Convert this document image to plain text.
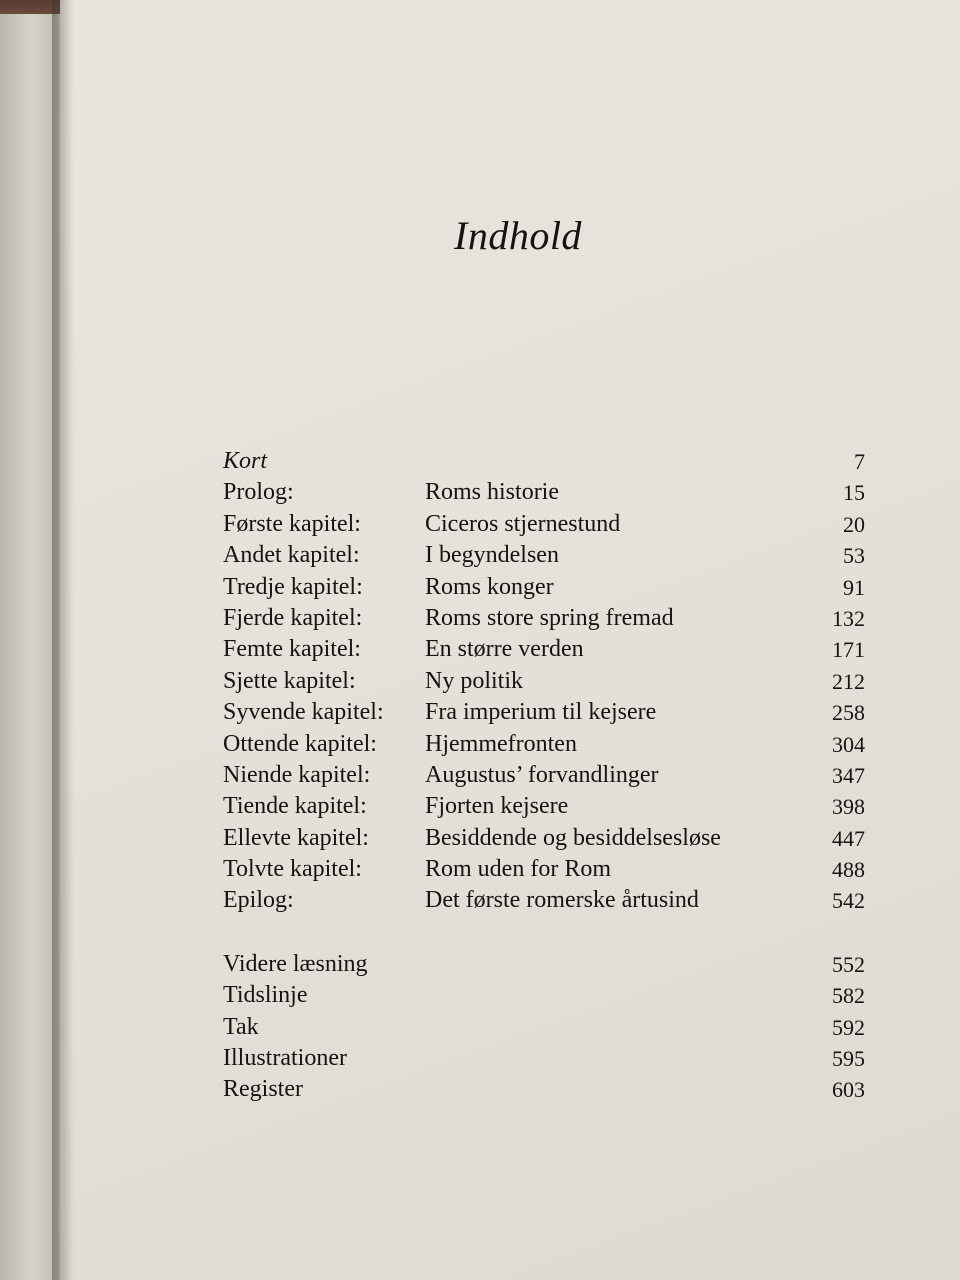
Indhold
Kort	7
Prolog:	Roms historie	15
Første kapitel:	Ciceros stjernestund	20
Andet kapitel:	I begyndelsen	53
Tredje kapitel:	Roms konger	91
Fjerde kapitel:	Roms store spring fremad	132
Femte kapitel:	En større verden	171
Sjette kapitel:	Ny politik	212
Syvende kapitel: Fra imperium til kejsere	258
Ottende kapitel: Hjemmefronten	304
Niende kapitel: Augustus’ forvandlinger	347
Tiende kapitel: Fjorten kejsere	398
Ellevte kapitel: Besiddende og besiddelsesløse	447
Tolvte kapitel:	Rom uden for Rom	488
Epilog:	Det første romerske årtusind	542
Videre læsning	552
Tidslinje	582
Tak	592
Illustrationer	595
Register	603
